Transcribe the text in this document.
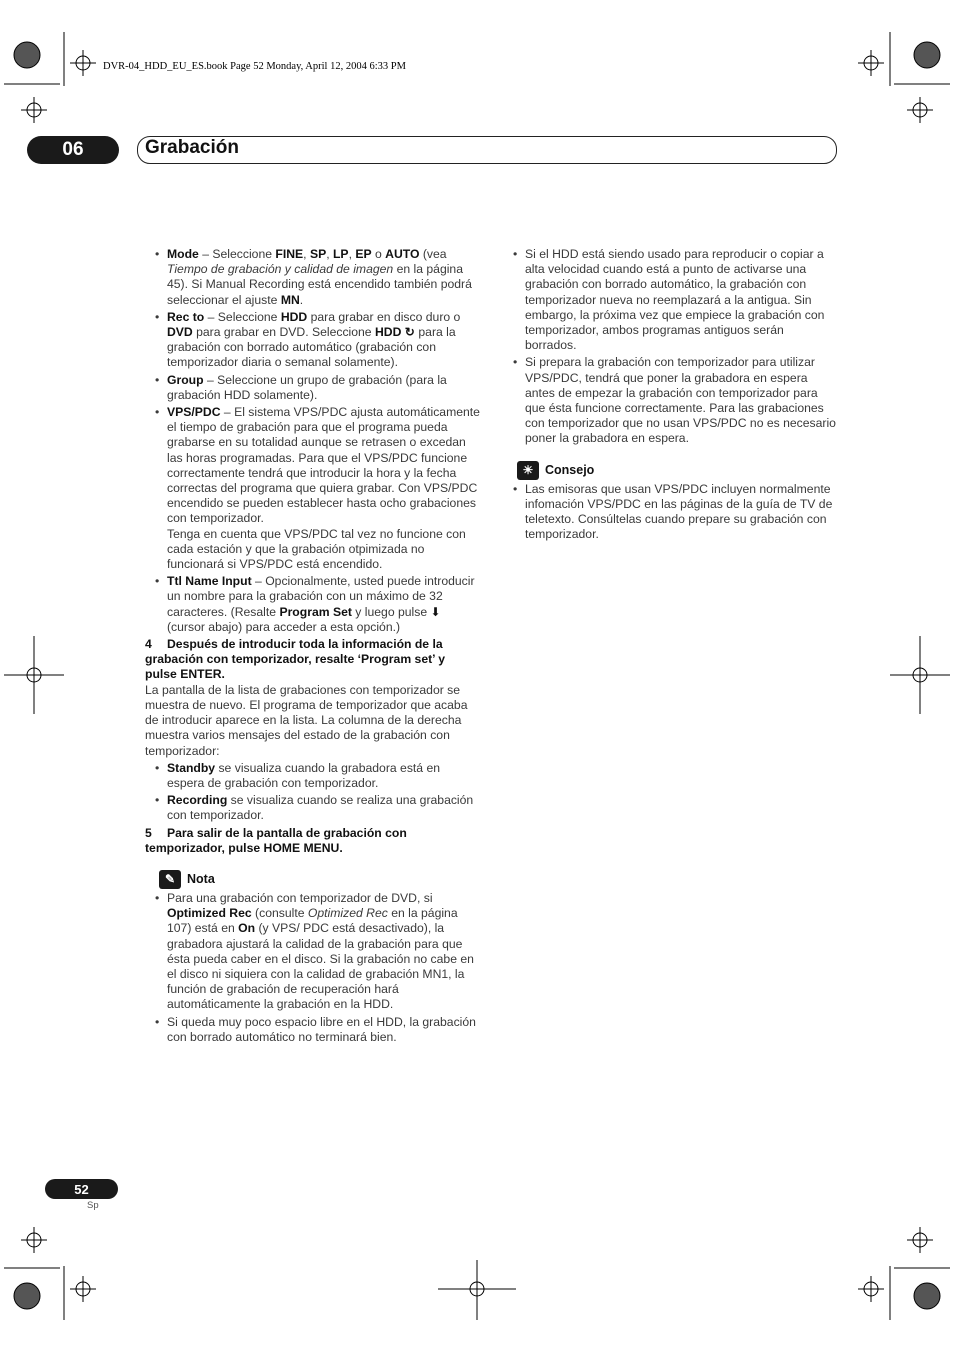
DVR-04_HDD_EU_ES.book Page 52 Monday, April 12, 2004 6:33 PM
06	Grabación

• Mode – Seleccione FINE, SP, LP, EP o AUTO (vea Tiempo de grabación y calidad de imagen en la página 45). Si Manual Recording está encendido también podrá seleccionar el ajuste MN.

• Rec to – Seleccione HDD para grabar en disco duro o DVD para grabar en DVD. Seleccione HDD ↻ para la grabación con borrado automático (grabación con temporizador diaria o semanal solamente).

• Group – Seleccione un grupo de grabación (para la grabación HDD solamente).

• VPS/PDC – El sistema VPS/PDC ajusta automáticamente el tiempo de grabación para que el programa pueda grabarse en su totalidad aunque se retrasen o excedan las horas programadas. Para que el VPS/PDC funcione correctamente tendrá que introducir la hora y la fecha correctas del programa que quiera grabar. Con VPS/PDC encendido se pueden establecer hasta ocho grabaciones con temporizador.

Tenga en cuenta que VPS/PDC tal vez no funcione con cada estación y que la grabación otpimizada no funcionará si VPS/PDC está encendido.

• Ttl Name Input – Opcionalmente, usted puede introducir un nombre para la grabación con un máximo de 32 caracteres. (Resalte Program Set y luego pulse ⬇ (cursor abajo) para acceder a esta opción.)

4 Después de introducir toda la información de la grabación con temporizador, resalte ‘Program set’ y pulse ENTER.

La pantalla de la lista de grabaciones con temporizador se muestra de nuevo. El programa de temporizador que acaba de introducir aparece en la lista. La columna de la derecha muestra varios mensajes del estado de la grabación con temporizador:

• Standby se visualiza cuando la grabadora está en espera de grabación con temporizador.

• Recording se visualiza cuando se realiza una grabación con temporizador.

5 Para salir de la pantalla de grabación con temporizador, pulse HOME MENU.

✎ Nota

• Para una grabación con temporizador de DVD, si Optimized Rec (consulte Optimized Rec en la página 107) está en On (y VPS/ PDC está desactivado), la grabadora ajustará la calidad de la grabación para que ésta pueda caber en el disco. Si la grabación no cabe en el disco ni siquiera con la calidad de grabación MN1, la función de grabación de recuperación hará automáticamente la grabación en la HDD.

• Si queda muy poco espacio libre en el HDD, la grabación con borrado automático no terminará bien.

• Si el HDD está siendo usado para reproducir o copiar a alta velocidad cuando está a punto de activarse una grabación con borrado automático, la grabación con temporizador nueva no reemplazará a la antigua. Sin embargo, la próxima vez que empiece la grabación con temporizador, ambos programas antiguos serán borrados.

• Si prepara la grabación con temporizador para utilizar VPS/PDC, tendrá que poner la grabadora en espera antes de empezar la grabación con temporizador para que ésta funcione correctamente. Para las grabaciones con temporizador que no usan VPS/PDC no es necesario poner la grabadora en espera.

☀ Consejo

• Las emisoras que usan VPS/PDC incluyen normalmente infomación VPS/PDC en las páginas de la guía de TV de teletexto. Consúltelas cuando prepare su grabación con temporizador.

52
Sp
